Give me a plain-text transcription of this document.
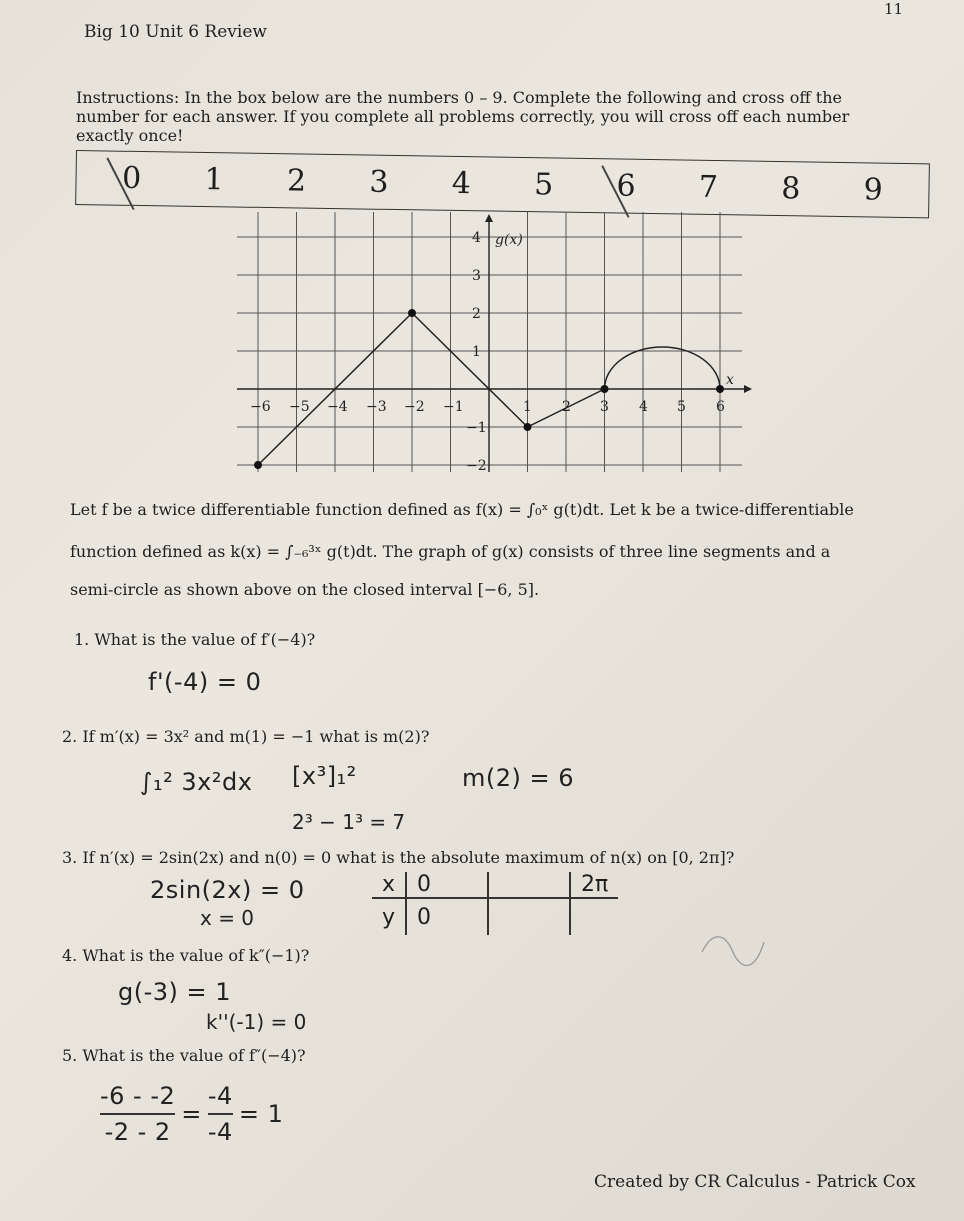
11
Big 10 Unit 6 Review
Instructions: In the box below are the numbers 0 – 9. Complete the following and cross off the number for each answer. If you complete all problems correctly, you will cross off each number exactly once!
0	1	2	3	4	5	6	7	8	9
g(x)
4
3
2
1
−1
−2
x
−6 −5 −4 −3 −2 −1	1 2 3 4 5 6

Let f be a twice differentiable function defined as f(x) = ∫₀ˣ g(t)dt. Let k be a twice-differentiable

function defined as k(x) = ∫₋₆³ˣ g(t)dt. The graph of g(x) consists of three line segments and a

semi-circle as shown above on the closed interval [−6, 5].

1. What is the value of f′(−4)?
f'(-4) = 0
2. If m′(x) = 3x² and m(1) = −1 what is m(2)?
∫₁² 3x²dx [x³]₁²
2³ − 1³ = 7
m(2) = 6
3. If n′(x) = 2sin(2x) and n(0) = 0 what is the absolute maximum of n(x) on [0, 2π]?
2sin(2x) = 0
x = 0
x	0		2π
y	0		
4. What is the value of k″(−1)?
g(-3) = 1
k''(-1) = 0
5. What is the value of f″(−4)?
$\frac{-6 - -2}{-2 - 2} = \frac{-4}{-4} = 1$
Created by CR Calculus - Patrick Cox
